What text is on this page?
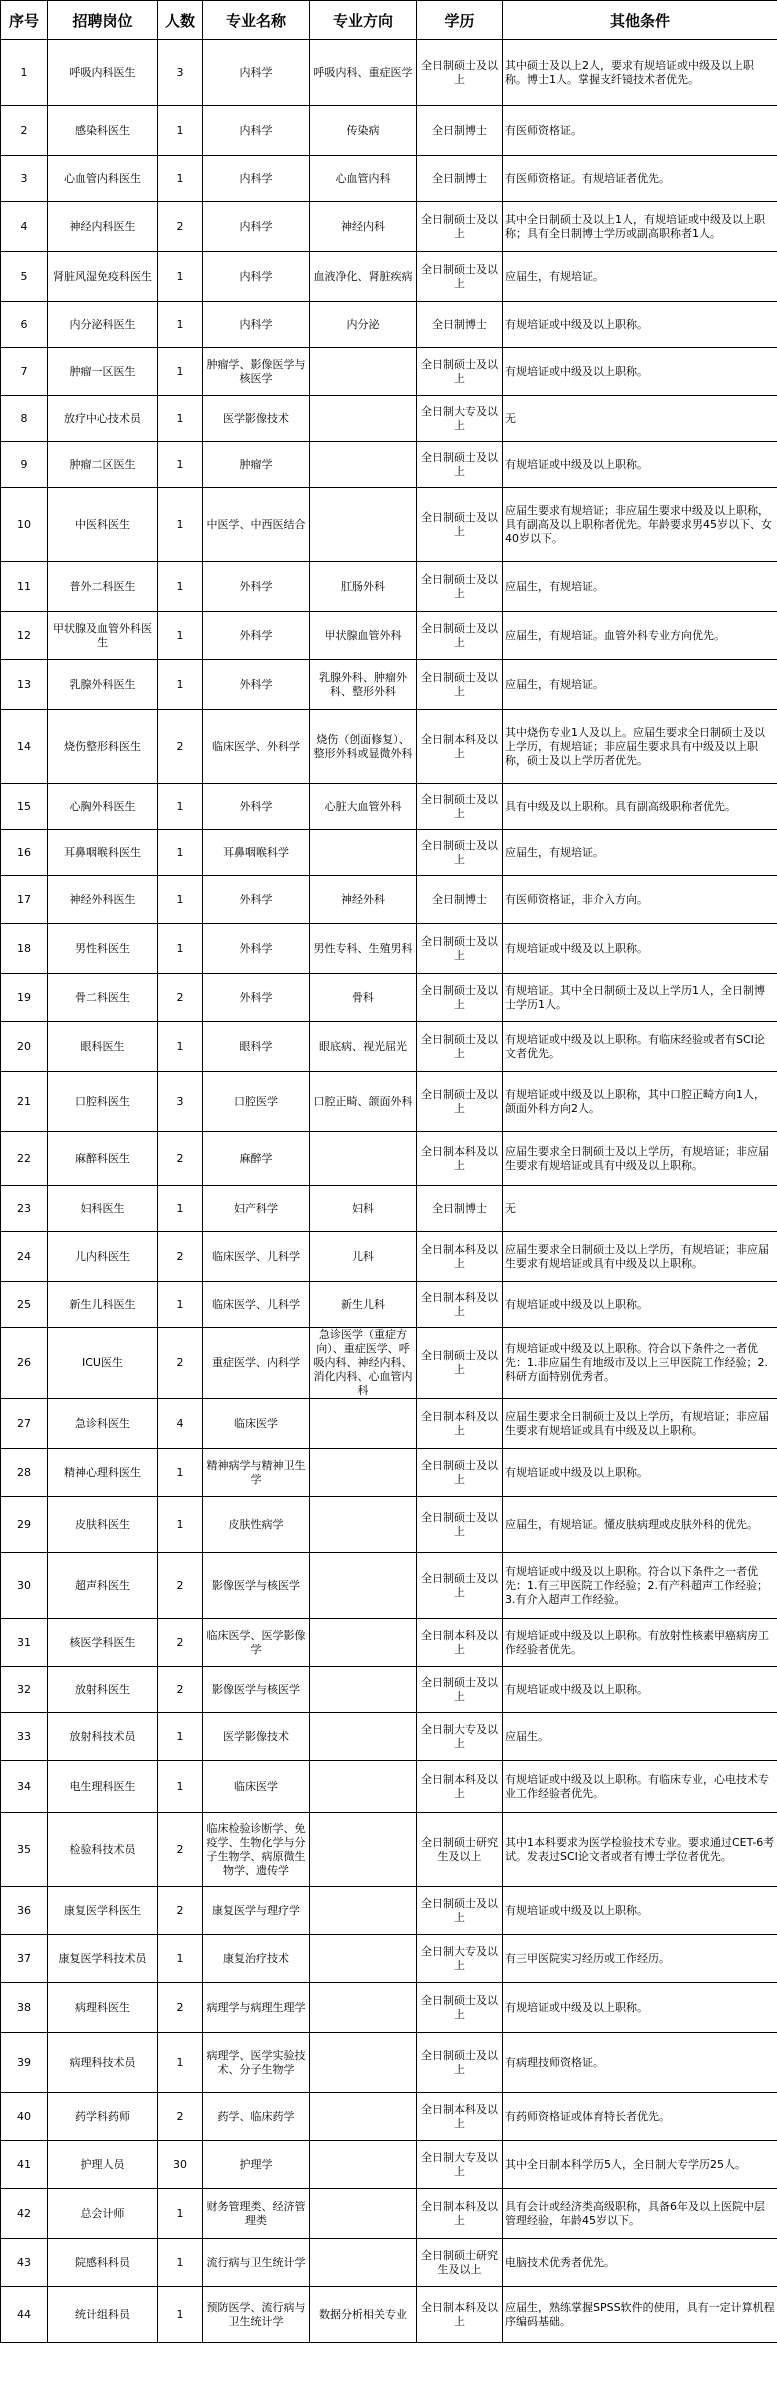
序号	招聘岗位	人数	专业名称	专业方向	学历	其他条件
1	呼吸内科医生	3	内科学	呼吸内科、重症医学	全日制硕士及以上	其中硕士及以上2人，要求有规培证或中级及以上职称。博士1人。掌握支纤镜技术者优先。
2	感染科医生	1	内科学	传染病	全日制博士	有医师资格证。
3	心血管内科医生	1	内科学	心血管内科	全日制博士	有医师资格证。有规培证者优先。
4	神经内科医生	2	内科学	神经内科	全日制硕士及以上	其中全日制硕士及以上1人，有规培证或中级及以上职称；具有全日制博士学历或副高职称者1人。
5	肾脏风湿免疫科医生	1	内科学	血液净化、肾脏疾病	全日制硕士及以上	应届生，有规培证。
6	内分泌科医生	1	内科学	内分泌	全日制博士	有规培证或中级及以上职称。
7	肿瘤一区医生	1	肿瘤学、影像医学与核医学		全日制硕士及以上	有规培证或中级及以上职称。
8	放疗中心技术员	1	医学影像技术		全日制大专及以上	无
9	肿瘤二区医生	1	肿瘤学		全日制硕士及以上	有规培证或中级及以上职称。
10	中医科医生	1	中医学、中西医结合		全日制硕士及以上	应届生要求有规培证；非应届生要求中级及以上职称，具有副高及以上职称者优先。年龄要求男45岁以下、女40岁以下。
11	普外二科医生	1	外科学	肛肠外科	全日制硕士及以上	应届生，有规培证。
12	甲状腺及血管外科医生	1	外科学	甲状腺血管外科	全日制硕士及以上	应届生，有规培证。血管外科专业方向优先。
13	乳腺外科医生	1	外科学	乳腺外科、肿瘤外科、整形外科	全日制硕士及以上	应届生，有规培证。
14	烧伤整形科医生	2	临床医学、外科学	烧伤（创面修复）、整形外科或显微外科	全日制本科及以上	其中烧伤专业1人及以上。应届生要求全日制硕士及以上学历，有规培证；非应届生要求具有中级及以上职称，硕士及以上学历者优先。
15	心胸外科医生	1	外科学	心脏大血管外科	全日制硕士及以上	具有中级及以上职称。具有副高级职称者优先。
16	耳鼻咽喉科医生	1	耳鼻咽喉科学		全日制硕士及以上	应届生，有规培证。
17	神经外科医生	1	外科学	神经外科	全日制博士	有医师资格证，非介入方向。
18	男性科医生	1	外科学	男性专科、生殖男科	全日制硕士及以上	有规培证或中级及以上职称。
19	骨二科医生	2	外科学	骨科	全日制硕士及以上	有规培证。其中全日制硕士及以上学历1人，全日制博士学历1人。
20	眼科医生	1	眼科学	眼底病、视光屈光	全日制硕士及以上	有规培证或中级及以上职称。有临床经验或者有SCI论文者优先。
21	口腔科医生	3	口腔医学	口腔正畸、颌面外科	全日制硕士及以上	有规培证或中级及以上职称，其中口腔正畸方向1人，颌面外科方向2人。
22	麻醉科医生	2	麻醉学		全日制本科及以上	应届生要求全日制硕士及以上学历，有规培证；非应届生要求有规培证或具有中级及以上职称。
23	妇科医生	1	妇产科学	妇科	全日制博士	无
24	儿内科医生	2	临床医学、儿科学	儿科	全日制本科及以上	应届生要求全日制硕士及以上学历，有规培证；非应届生要求有规培证或具有中级及以上职称。
25	新生儿科医生	1	临床医学、儿科学	新生儿科	全日制本科及以上	有规培证或中级及以上职称。
26	ICU医生	2	重症医学、内科学	急诊医学（重症方向）、重症医学、呼吸内科、神经内科、消化内科、心血管内科	全日制硕士及以上	有规培证或中级及以上职称。符合以下条件之一者优先：1.非应届生有地级市及以上三甲医院工作经验；2.科研方面特别优秀者。
27	急诊科医生	4	临床医学		全日制本科及以上	应届生要求全日制硕士及以上学历，有规培证；非应届生要求有规培证或具有中级及以上职称。
28	精神心理科医生	1	精神病学与精神卫生学		全日制硕士及以上	有规培证或中级及以上职称。
29	皮肤科医生	1	皮肤性病学		全日制硕士及以上	应届生，有规培证。懂皮肤病理或皮肤外科的优先。
30	超声科医生	2	影像医学与核医学		全日制硕士及以上	有规培证或中级及以上职称。符合以下条件之一者优先：1.有三甲医院工作经验；2.有产科超声工作经验；3.有介入超声工作经验。
31	核医学科医生	2	临床医学、医学影像学		全日制本科及以上	有规培证或中级及以上职称。有放射性核素甲癌病房工作经验者优先。
32	放射科医生	2	影像医学与核医学		全日制硕士及以上	有规培证或中级及以上职称。
33	放射科技术员	1	医学影像技术		全日制大专及以上	应届生。
34	电生理科医生	1	临床医学		全日制本科及以上	有规培证或中级及以上职称。有临床专业，心电技术专业工作经验者优先。
35	检验科技术员	2	临床检验诊断学、免疫学、生物化学与分子生物学、病原微生物学、遗传学		全日制硕士研究生及以上	其中1本科要求为医学检验技术专业。要求通过CET-6考试。发表过SCI论文者或者有博士学位者优先。
36	康复医学科医生	2	康复医学与理疗学		全日制硕士及以上	有规培证或中级及以上职称。
37	康复医学科技术员	1	康复治疗技术		全日制大专及以上	有三甲医院实习经历或工作经历。
38	病理科医生	2	病理学与病理生理学		全日制硕士及以上	有规培证或中级及以上职称。
39	病理科技术员	1	病理学、医学实验技术、分子生物学		全日制硕士及以上	有病理技师资格证。
40	药学科药师	2	药学、临床药学		全日制本科及以上	有药师资格证或体育特长者优先。
41	护理人员	30	护理学		全日制大专及以上	其中全日制本科学历5人，全日制大专学历25人。
42	总会计师	1	财务管理类、经济管理类		全日制本科及以上	具有会计或经济类高级职称，具备6年及以上医院中层管理经验，年龄45岁以下。
43	院感科科员	1	流行病与卫生统计学		全日制硕士研究生及以上	电脑技术优秀者优先。
44	统计组科员	1	预防医学、流行病与卫生统计学	数据分析相关专业	全日制本科及以上	应届生，熟练掌握SPSS软件的使用，具有一定计算机程序编码基础。
